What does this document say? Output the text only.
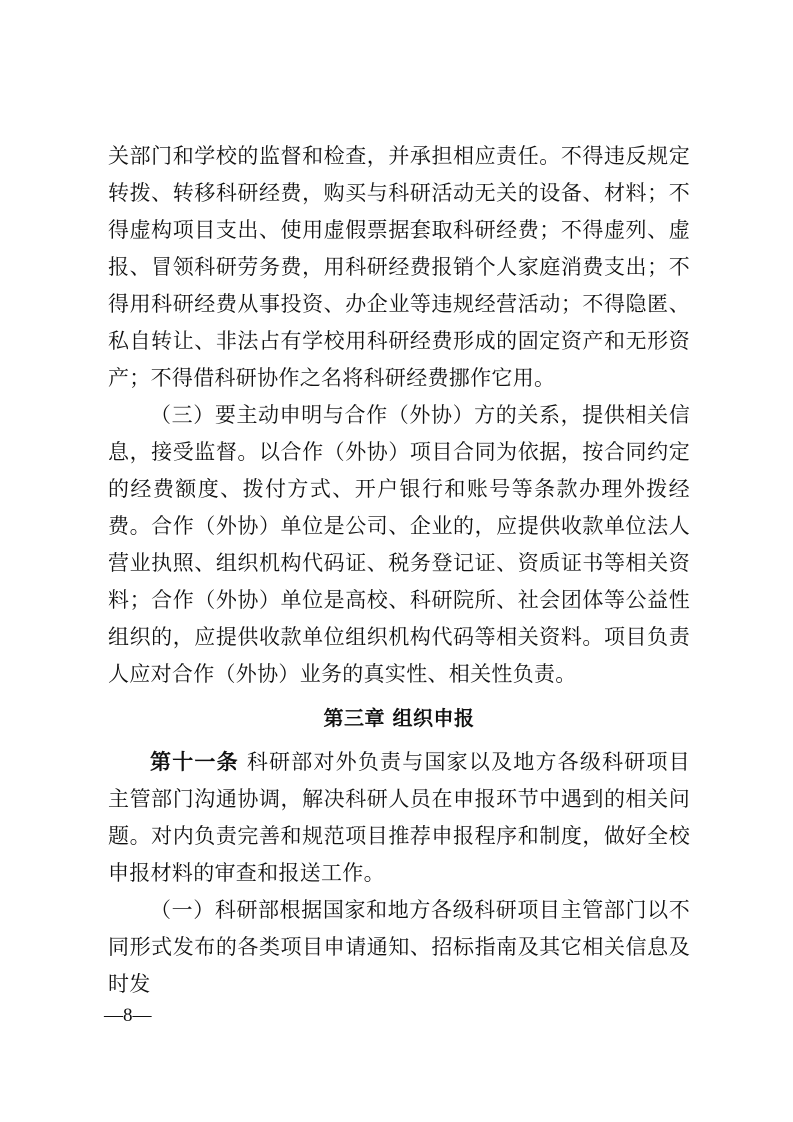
关部门和学校的监督和检查，并承担相应责任。不得违反规定转拨、转移科研经费，购买与科研活动无关的设备、材料；不得虚构项目支出、使用虚假票据套取科研经费；不得虚列、虚报、冒领科研劳务费，用科研经费报销个人家庭消费支出；不得用科研经费从事投资、办企业等违规经营活动；不得隐匿、私自转让、非法占有学校用科研经费形成的固定资产和无形资产；不得借科研协作之名将科研经费挪作它用。

（三）要主动申明与合作（外协）方的关系，提供相关信息，接受监督。以合作（外协）项目合同为依据，按合同约定的经费额度、拨付方式、开户银行和账号等条款办理外拨经费。合作（外协）单位是公司、企业的，应提供收款单位法人营业执照、组织机构代码证、税务登记证、资质证书等相关资料；合作（外协）单位是高校、科研院所、社会团体等公益性组织的，应提供收款单位组织机构代码等相关资料。项目负责人应对合作（外协）业务的真实性、相关性负责。

第三章 组织申报

第十一条 科研部对外负责与国家以及地方各级科研项目主管部门沟通协调，解决科研人员在申报环节中遇到的相关问题。对内负责完善和规范项目推荐申报程序和制度，做好全校申报材料的审查和报送工作。

（一）科研部根据国家和地方各级科研项目主管部门以不同形式发布的各类项目申请通知、招标指南及其它相关信息及时发

—8—
